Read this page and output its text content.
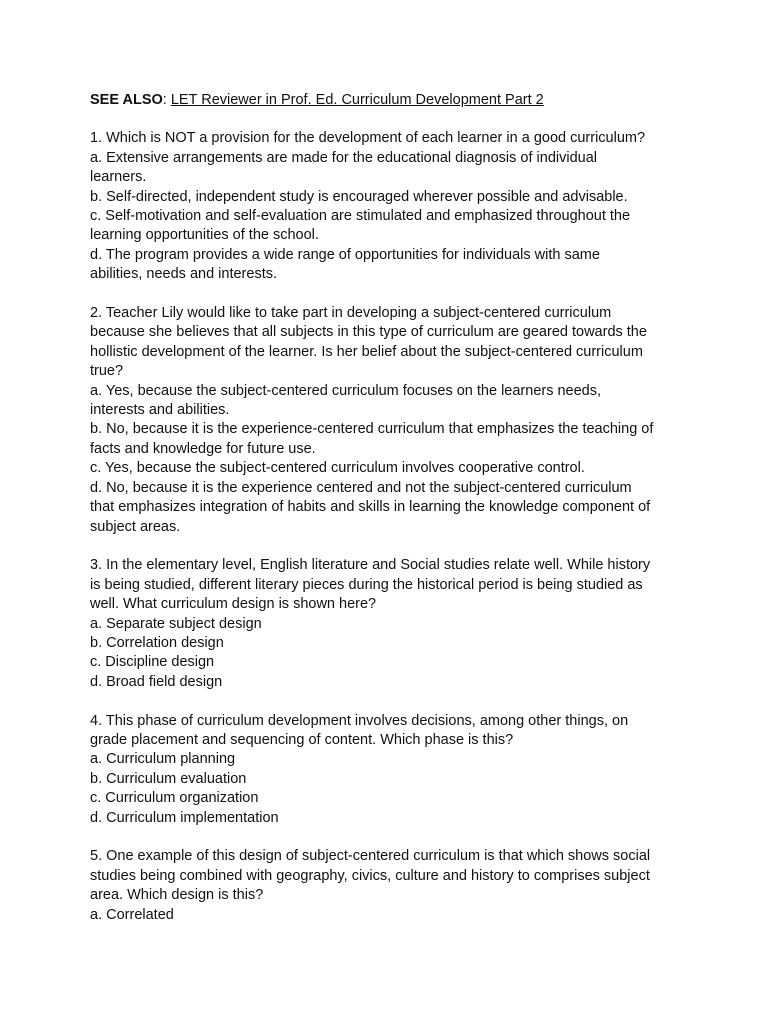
SEE ALSO: LET Reviewer in Prof. Ed. Curriculum Development Part 2
1. Which is NOT a provision for the development of each learner in a good curriculum?
a. Extensive arrangements are made for the educational diagnosis of individual
learners.
b. Self-directed, independent study is encouraged wherever possible and advisable.
c. Self-motivation and self-evaluation are stimulated and emphasized throughout the
learning opportunities of the school.
d. The program provides a wide range of opportunities for individuals with same
abilities, needs and interests.
2. Teacher Lily would like to take part in developing a subject-centered curriculum
because she believes that all subjects in this type of curriculum are geared towards the
hollistic development of the learner. Is her belief about the subject-centered curriculum
true?
a. Yes, because the subject-centered curriculum focuses on the learners needs,
interests and abilities.
b. No, because it is the experience-centered curriculum that emphasizes the teaching of
facts and knowledge for future use.
c. Yes, because the subject-centered curriculum involves cooperative control.
d. No, because it is the experience centered and not the subject-centered curriculum
that emphasizes integration of habits and skills in learning the knowledge component of
subject areas.
3. In the elementary level, English literature and Social studies relate well. While history
is being studied, different literary pieces during the historical period is being studied as
well. What curriculum design is shown here?
a. Separate subject design
b. Correlation design
c. Discipline design
d. Broad field design
4. This phase of curriculum development involves decisions, among other things, on
grade placement and sequencing of content. Which phase is this?
a. Curriculum planning
b. Curriculum evaluation
c. Curriculum organization
d. Curriculum implementation
5. One example of this design of subject-centered curriculum is that which shows social
studies being combined with geography, civics, culture and history to comprises subject
area. Which design is this?
a. Correlated
